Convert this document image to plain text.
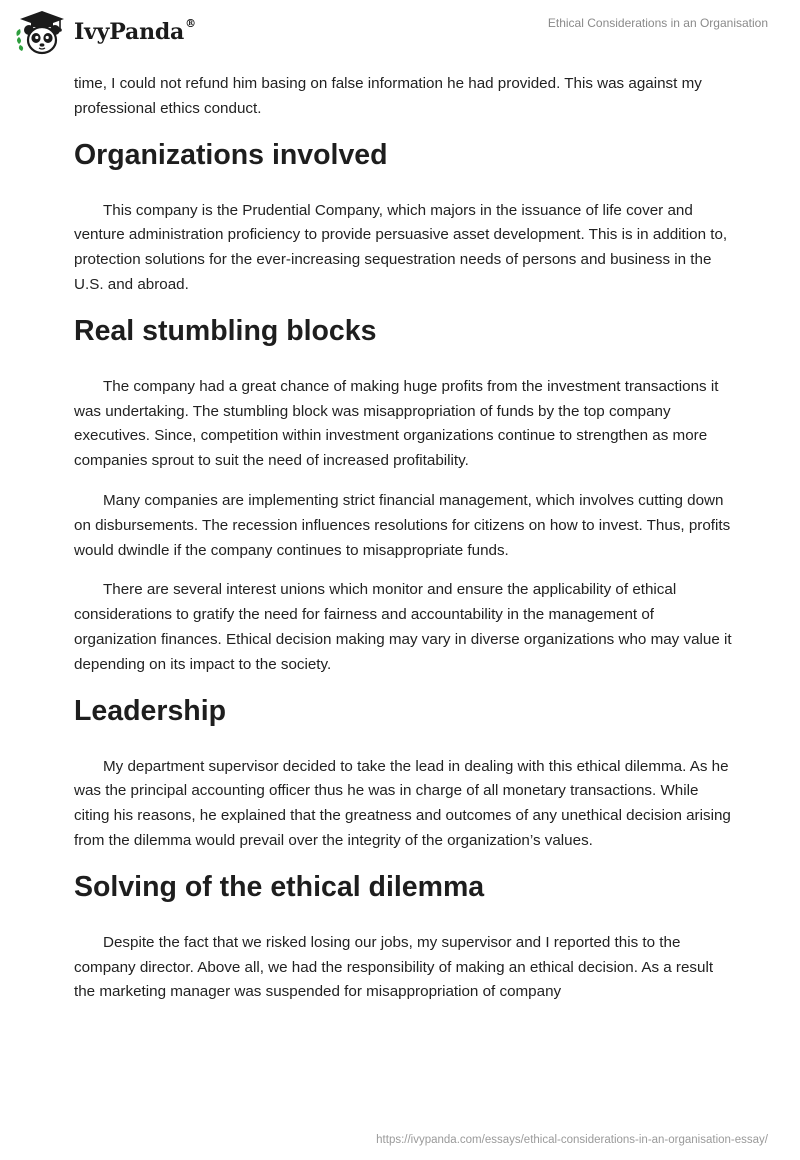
IvyPanda®	Ethical Considerations in an Organisation

time, I could not refund him basing on false information he had provided. This was against my professional ethics conduct.

Organizations involved

This company is the Prudential Company, which majors in the issuance of life cover and venture administration proficiency to provide persuasive asset development. This is in addition to, protection solutions for the ever-increasing sequestration needs of persons and business in the U.S. and abroad.

Real stumbling blocks

The company had a great chance of making huge profits from the investment transactions it was undertaking. The stumbling block was misappropriation of funds by the top company executives. Since, competition within investment organizations continue to strengthen as more companies sprout to suit the need of increased profitability.

Many companies are implementing strict financial management, which involves cutting down on disbursements. The recession influences resolutions for citizens on how to invest. Thus, profits would dwindle if the company continues to misappropriate funds.

There are several interest unions which monitor and ensure the applicability of ethical considerations to gratify the need for fairness and accountability in the management of organization finances. Ethical decision making may vary in diverse organizations who may value it depending on its impact to the society.

Leadership

My department supervisor decided to take the lead in dealing with this ethical dilemma. As he was the principal accounting officer thus he was in charge of all monetary transactions. While citing his reasons, he explained that the greatness and outcomes of any unethical decision arising from the dilemma would prevail over the integrity of the organization’s values.

Solving of the ethical dilemma

Despite the fact that we risked losing our jobs, my supervisor and I reported this to the company director. Above all, we had the responsibility of making an ethical decision. As a result the marketing manager was suspended for misappropriation of company

https://ivypanda.com/essays/ethical-considerations-in-an-organisation-essay/
